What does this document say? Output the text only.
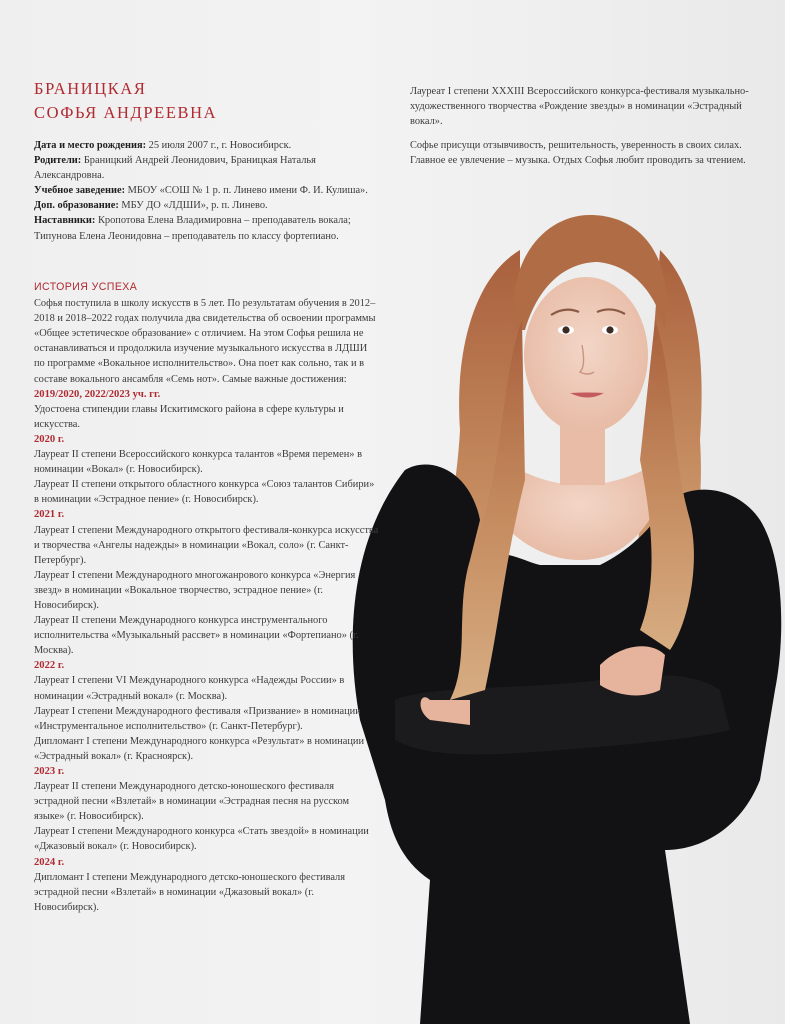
БРАНИЦКАЯ
СОФЬЯ АНДРЕЕВНА

Дата и место рождения: 25 июля 2007 г., г. Новосибирск.

Родители: Браницкий Андрей Леонидович, Браницкая Наталья Александровна.

Учебное заведение: МБОУ «СОШ № 1 р. п. Линево имени Ф. И. Кулиша».

Доп. образование: МБУ ДО «ЛДШИ», р. п. Линево.

Наставники: Кропотова Елена Владимировна – преподаватель вокала; Типунова Елена Леонидовна – преподаватель по классу фортепиано.

ИСТОРИЯ УСПЕХА

Софья поступила в школу искусств в 5 лет. По результатам обучения в 2012–2018 и 2018–2022 годах получила два свидетельства об освоении программы «Общее эстетическое образование» с отличием. На этом Софья решила не останавливаться и продолжила изучение музыкального искусства в ЛДШИ по программе «Вокальное исполнительство». Она поет как сольно, так и в составе вокального ансамбля «Семь нот». Самые важные достижения:

2019/2020, 2022/2023 уч. гг.

Удостоена стипендии главы Искитимского района в сфере культуры и искусства.

2020 г.

Лауреат II степени Всероссийского конкурса талантов «Время перемен» в номинации «Вокал» (г. Новосибирск).

Лауреат II степени открытого областного конкурса «Союз талантов Сибири» в номинации «Эстрадное пение» (г. Новосибирск).

2021 г.

Лауреат I степени Международного открытого фестиваля-конкурса искусства и творчества «Ангелы надежды» в номинации «Вокал, соло» (г. Санкт-Петербург).

Лауреат I степени Международного многожанрового конкурса «Энергия звезд» в номинации «Вокальное творчество, эстрадное пение» (г. Новосибирск).

Лауреат II степени Международного конкурса инструментального исполнительства «Музыкальный рассвет» в номинации «Фортепиано» (г. Москва).

2022 г.

Лауреат I степени VI Международного конкурса «Надежды России» в номинации «Эстрадный вокал» (г. Москва).

Лауреат I степени Международного фестиваля «Призвание» в номинации «Инструментальное исполнительство» (г. Санкт-Петербург).

Дипломант I степени Международного конкурса «Результат» в номинации «Эстрадный вокал» (г. Красноярск).

2023 г.

Лауреат II степени Международного детско-юношеского фестиваля эстрадной песни «Взлетай» в номинации «Эстрадная песня на русском языке» (г. Новосибирск).

Лауреат I степени Международного конкурса «Стать звездой» в номинации «Джазовый вокал» (г. Новосибирск).

2024 г.

Дипломант I степени Международного детско-юношеского фестиваля эстрадной песни «Взлетай» в номинации «Джазовый вокал» (г. Новосибирск).

Лауреат I степени XXXIII Всероссийского конкурса-фестиваля музыкально-художественного творчества «Рождение звезды» в номинации «Эстрадный вокал».

Софье присущи отзывчивость, решительность, уверенность в своих силах. Главное ее увлечение – музыка. Отдых Софья любит проводить за чтением.
